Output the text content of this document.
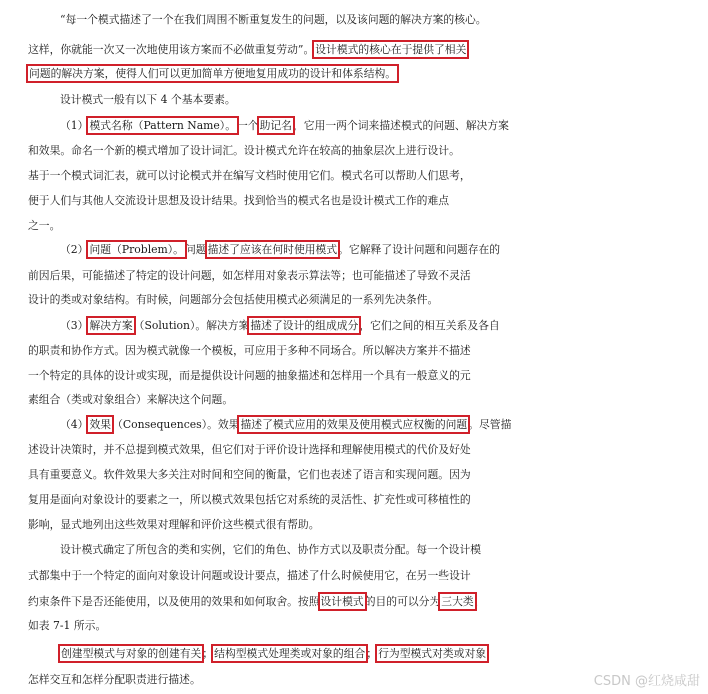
“每一个模式描述了一个在我们周围不断重复发生的问题，以及该问题的解决方案的核心。
这样，你就能一次又一次地使用该方案而不必做重复劳动”。设计模式的核心在于提供了相关
问题的解决方案，使得人们可以更加简单方便地复用成功的设计和体系结构。
设计模式一般有以下 4 个基本要素。
（1）模式名称（Pattern Name）。一个助记名，它用一两个词来描述模式的问题、解决方案
和效果。命名一个新的模式增加了设计词汇。设计模式允许在较高的抽象层次上进行设计。
基于一个模式词汇表，就可以讨论模式并在编写文档时使用它们。模式名可以帮助人们思考，
便于人们与其他人交流设计思想及设计结果。找到恰当的模式名也是设计模式工作的难点
之一。
（2）问题（Problem）。问题描述了应该在何时使用模式。它解释了设计问题和问题存在的
前因后果，可能描述了特定的设计问题，如怎样用对象表示算法等；也可能描述了导致不灵活
设计的类或对象结构。有时候，问题部分会包括使用模式必须满足的一系列先决条件。
（3）解决方案（Solution）。解决方案描述了设计的组成成分，它们之间的相互关系及各自
的职责和协作方式。因为模式就像一个模板，可应用于多种不同场合。所以解决方案并不描述
一个特定的具体的设计或实现，而是提供设计问题的抽象描述和怎样用一个具有一般意义的元
素组合（类或对象组合）来解决这个问题。
（4）效果（Consequences）。效果描述了模式应用的效果及使用模式应权衡的问题。尽管描
述设计决策时，并不总提到模式效果，但它们对于评价设计选择和理解使用模式的代价及好处
具有重要意义。软件效果大多关注对时间和空间的衡量，它们也表述了语言和实现问题。因为
复用是面向对象设计的要素之一，所以模式效果包括它对系统的灵活性、扩充性或可移植性的
影响，显式地列出这些效果对理解和评价这些模式很有帮助。
设计模式确定了所包含的类和实例，它们的角色、协作方式以及职责分配。每一个设计模
式都集中于一个特定的面向对象设计问题或设计要点，描述了什么时候使用它，在另一些设计
约束条件下是否还能使用，以及使用的效果和如何取舍。按照设计模式的目的可以分为三大类，
如表 7-1 所示。
创建型模式与对象的创建有关；结构型模式处理类或对象的组合；行为型模式对类或对象
怎样交互和怎样分配职责进行描述。	CSDN @红烧咸甜
